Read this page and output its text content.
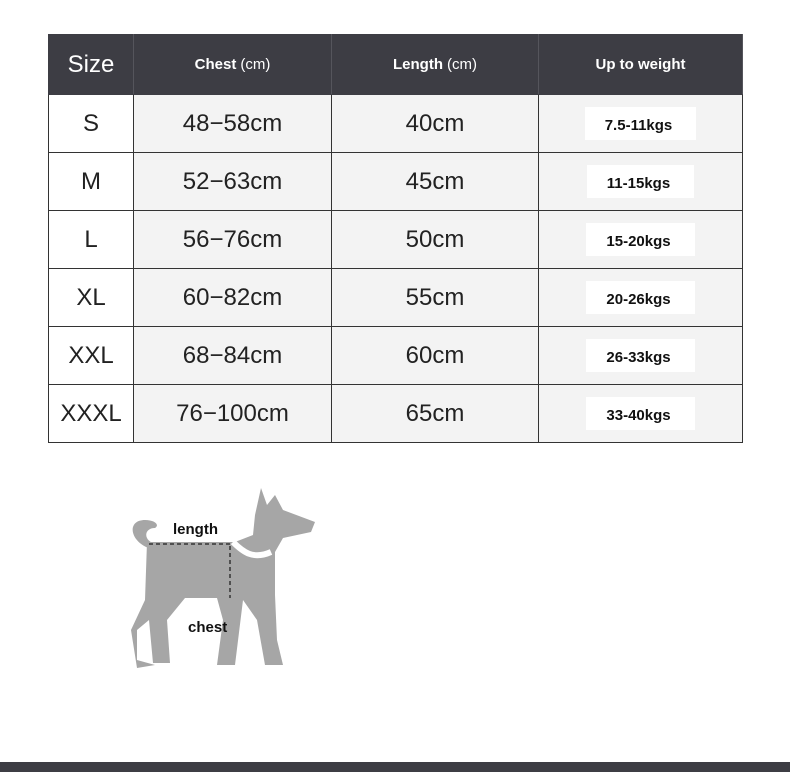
Size	Chest (cm)	Length (cm)	Up to weight
S	48−58cm	40cm	7.5-11kgs
M	52−63cm	45cm	11-15kgs
L	56−76cm	50cm	15-20kgs
XL	60−82cm	55cm	20-26kgs
XXL	68−84cm	60cm	26-33kgs
XXXL	76−100cm	65cm	33-40kgs
length
chest
